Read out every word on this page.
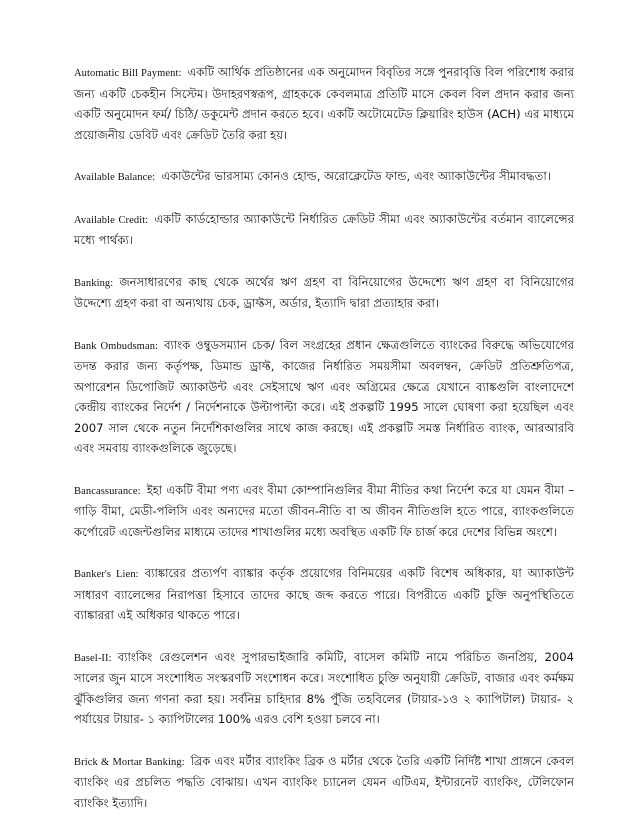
Automatic Bill Payment: একটি আর্থিক প্রতিষ্ঠানের এক অনুমোদন বিবৃতির সঙ্গে পুনরাবৃত্তি বিল পরিশোধ করার জন্য একটি চেকহীন সিস্টেম। উদাহরণস্বরূপ, গ্রাহককে কেবলমাত্র প্রতিটি মাসে কেবল বিল প্রদান করার জন্য একটি অনুমোদন ফর্ম/ চিঠি/ ডকুমেন্ট প্রদান করতে হবে। একটি অটোমেটেড ক্লিয়ারিং হাউস (ACH) এর মাধ্যমে প্রয়োজনীয় ডেবিট এবং ক্রেডিট তৈরি করা হয়।

Available Balance: একাউন্টের ভারসাম্য কোনও হোল্ড, অরোক্লেটেড ফান্ড, এবং অ্যাকাউন্টের সীমাবদ্ধতা।

Available Credit: একটি কার্ডহোল্ডার অ্যাকাউন্টে নির্ধারিত ক্রেডিট সীমা এবং অ্যাকাউন্টের বর্তমান ব্যালেন্সের মধ্যে পার্থক্য।

Banking: জনসাধারণের কাছ থেকে অর্থের ঋণ গ্রহণ বা বিনিয়োগের উদ্দেশ্যে ঋণ গ্রহণ বা বিনিয়োগের উদ্দেশ্যে গ্রহণ করা বা অন্যথায় চেক, ড্রাফ্টস, অর্ডার, ইত্যাদি দ্বারা প্রত্যাহার করা।

Bank Ombudsman: ব্যাংক ওম্বুডসম্যান চেক/ বিল সংগ্রহের প্রধান ক্ষেত্রগুলিতে ব্যাংকের বিরুদ্ধে অভিযোগের তদন্ত করার জন্য কর্তৃপক্ষ, ডিমান্ড ড্রাফ্ট, কাজের নির্ধারিত সময়সীমা অবলম্বন, ক্রেডিট প্রতিশ্রুতিপত্র, অপারেশন ডিপোজিট অ্যাকাউন্ট এবং সেইসাথে ঋণ এবং অগ্রিমের ক্ষেত্রে যেখানে ব্যাঙ্কগুলি বাংলাদেশে কেন্দ্রীয় ব্যাংকের নির্দেশ / নির্দেশনাকে উল্টাপাল্টা করে। এই প্রকল্পটি 1995 সালে ঘোষণা করা হয়েছিল এবং 2007 সাল থেকে নতুন নির্দেশিকাগুলির সাথে কাজ করছে। এই প্রকল্পটি সমস্ত নির্ধারিত ব্যাংক, আরআরবি এবং সমবায় ব্যাংকগুলিকে জুড়েছে।

Bancassurance: ইহা একটি বীমা পণ্য এবং বীমা কোম্পানিগুলির বীমা নীতির কথা নির্দেশ করে যা যেমন বীমা – গাড়ি বীমা, মেডী-পলিসি এবং অন্যদের মতো জীবন-নীতি বা অ জীবন নীতিগুলি হতে পারে, ব্যাংকগুলিতে কর্পোরেট এজেন্টগুলির মাধ্যমে তাদের শাখাগুলির মধ্যে অবস্থিত একটি ফি চার্জ করে দেশের বিভিন্ন অংশে।

Banker's Lien: ব্যাঙ্কারের প্রত্যর্পণ ব্যাঙ্কার কর্তৃক প্রয়োগের বিনিময়ের একটি বিশেষ অধিকার, যা অ্যাকাউন্ট সাধারণ ব্যালেন্সের নিরাপত্তা হিসাবে তাদের কাছে জব্দ করতে পারে। বিপরীতে একটি চুক্তি অনুপস্থিতিতে ব্যাঙ্কাররা এই অধিকার থাকতে পারে।

Basel-II: ব্যাংকিং রেগুলেশন এবং সুপারভাইজারি কমিটি, বাসেল কমিটি নামে পরিচিত জনপ্রিয়, 2004 সালের জুন মাসে সংশোধিত সংস্করণটি সংশোধন করে। সংশোধিত চুক্তি অনুযায়ী ক্রেডিট, বাজার এবং কর্মক্ষম ঝুঁকিগুলির জন্য গণনা করা হয়। সর্বনিম্ন চাহিদার 8% পুঁজি তহবিলের (টায়ার-১ও ২ ক্যাপিটাল) টায়ার- ২ পর্যায়ের টায়ার- ১ ক্যাপিটালের 100% এরও বেশি হওয়া চলবে না।

Brick & Mortar Banking: ব্রিক এবং মর্টার ব্যাংকিং ব্রিক ও মর্টার থেকে তৈরি একটি নির্দিষ্ট শাখা প্রাঙ্গনে কেবল ব্যাংকিং এর প্রচলিত পদ্ধতি বোঝায়। এখন ব্যাংকিং চ্যানেল যেমন এটিএম, ইন্টারনেট ব্যাংকিং, টেলিফোন ব্যাংকিং ইত্যাদি।
